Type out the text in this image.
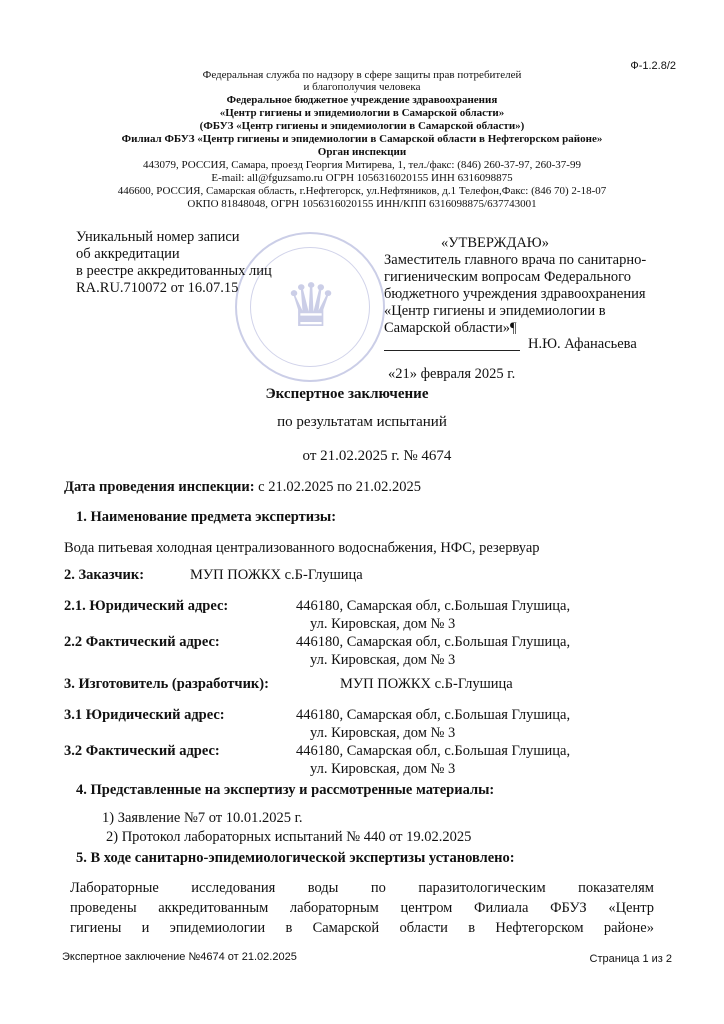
Ф-1.2.8/2
Федеральная служба по надзору в сфере защиты прав потребителей
и благополучия человека
Федеральное бюджетное учреждение здравоохранения
«Центр гигиены и эпидемиологии в Самарской области»
(ФБУЗ «Центр гигиены и эпидемиологии в Самарской области»)
Филиал ФБУЗ «Центр гигиены и эпидемиологии в Самарской области в Нефтегорском районе»
Орган инспекции
443079, РОССИЯ, Самара, проезд Георгия Митирева, 1, тел./факс: (846) 260-37-97, 260-37-99
E-mail: all@fguzsamo.ru ОГРН 1056316020155 ИНН 6316098875
446600, РОССИЯ, Самарская область, г.Нефтегорск, ул.Нефтяников, д.1 Телефон,Факс: (846 70) 2-18-07
ОКПО 81848048, ОГРН 1056316020155 ИНН/КПП 6316098875/637743001
♛
Уникальный номер записи
об аккредитации
в реестре аккредитованных лиц
RA.RU.710072 от 16.07.15
«УТВЕРЖДАЮ»
Заместитель главного врача по санитарно-
гигиеническим вопросам Федерального
бюджетного учреждения здравоохранения
«Центр гигиены и эпидемиологии в
Самарской области»¶
Н.Ю. Афанасьева
«21» февраля 2025 г.
Экспертное заключение
по результатам испытаний
от 21.02.2025 г. № 4674
Дата проведения инспекции: с 21.02.2025 по 21.02.2025
1. Наименование предмета экспертизы:
Вода питьевая холодная централизованного водоснабжения, НФС, резервуар
2. Заказчик:	МУП ПОЖКХ с.Б-Глушица
2.1. Юридический адрес:	446180, Самарская обл, с.Большая Глушица,
ул. Кировская, дом № 3
2.2 Фактический адрес:	446180, Самарская обл, с.Большая Глушица,
ул. Кировская, дом № 3
3. Изготовитель (разработчик):	МУП ПОЖКХ с.Б-Глушица
3.1 Юридический адрес:	446180, Самарская обл, с.Большая Глушица,
ул. Кировская, дом № 3
3.2 Фактический адрес:	446180, Самарская обл, с.Большая Глушица,
ул. Кировская, дом № 3
4. Представленные на экспертизу и рассмотренные материалы:
1) Заявление №7 от 10.01.2025 г.
2) Протокол лабораторных испытаний № 440 от 19.02.2025
5. В ходе санитарно-эпидемиологической экспертизы установлено:
Лабораторные исследования воды по паразитологическим показателям
проведены аккредитованным лабораторным центром Филиала ФБУЗ «Центр
гигиены и эпидемиологии в Самарской области в Нефтегорском районе»
Экспертное заключение №4674 от 21.02.2025	Страница 1 из 2
